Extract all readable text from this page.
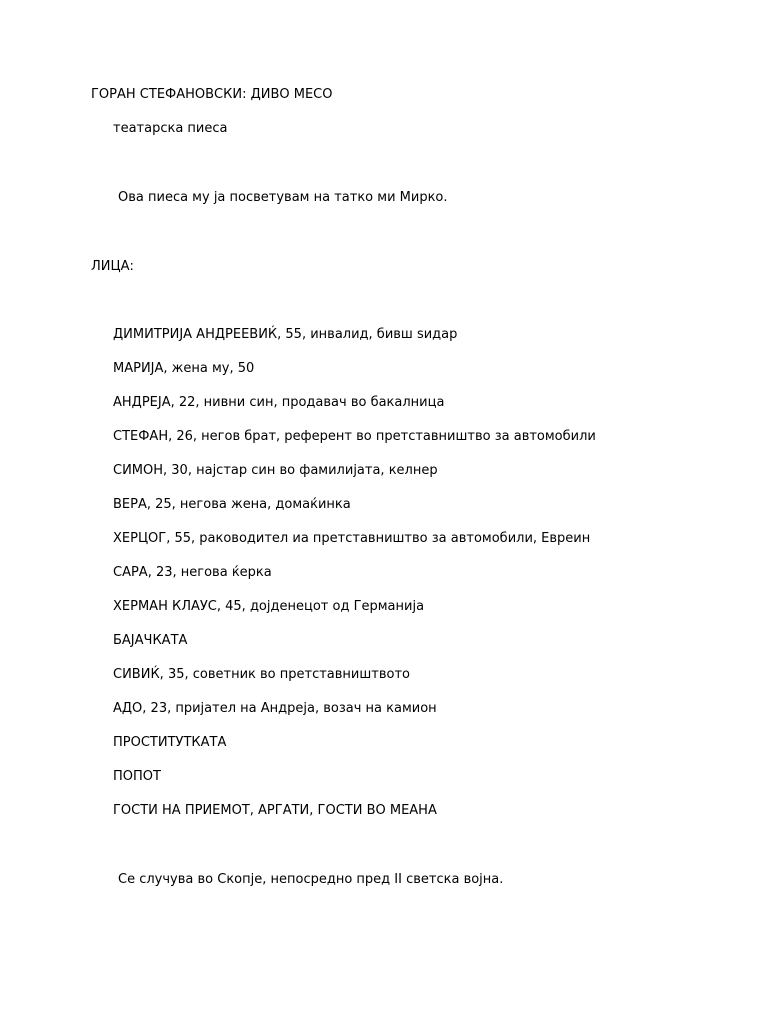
ГОРАН СТЕФАНОВСКИ: ДИВО МЕСО
театарска пиеса
Ова пиеса му ја посветувам на татко ми Мирко.
ЛИЦА:
ДИМИТРИЈА АНДРЕЕВИЌ, 55, инвалид, бивш ѕидар
МАРИЈА, жена му, 50
АНДРЕЈА, 22, нивни син, продавач во бакалница
СТЕФАН, 26, негов брат, референт во претставништво за автомобили
СИМОН, 30, најстар син во фамилијата, келнер
ВЕРА, 25, негова жена, домаќинка
ХЕРЦОГ, 55, раководител иа претставништво за автомобили, Евреин
САРА, 23, негова ќерка
ХЕРМАН КЛАУС, 45, дојденецот од Германија
БАЈАЧКАТА
СИВИЌ, 35, советник во претставништвото
АДО, 23, пријател на Андреја, возач на камион
ПРОСТИТУТКАТА
ПОПОТ
ГОСТИ НА ПРИЕМОТ, АРГАТИ, ГОСТИ ВО МЕАНА
Се случува во Скопје, непосредно пред II светска војна.
